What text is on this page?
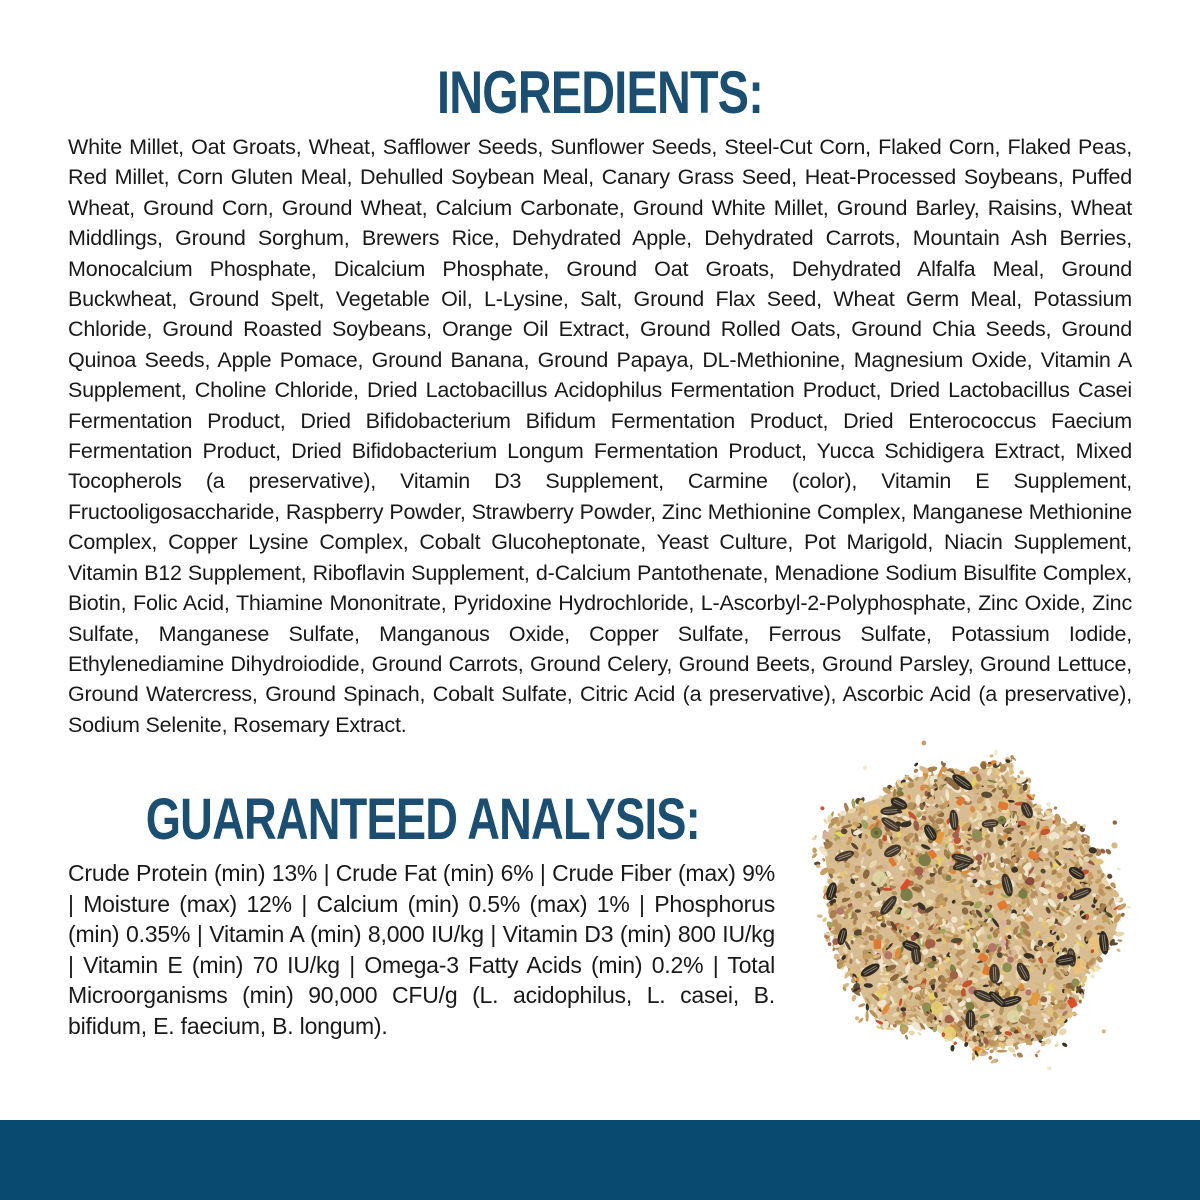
INGREDIENTS:

White Millet, Oat Groats, Wheat, Safflower Seeds, Sunflower Seeds, Steel-Cut Corn, Flaked Corn, Flaked Peas, Red Millet, Corn Gluten Meal, Dehulled Soybean Meal, Canary Grass Seed, Heat-Processed Soybeans, Puffed Wheat, Ground Corn, Ground Wheat, Calcium Carbonate, Ground White Millet, Ground Barley, Raisins, Wheat Middlings, Ground Sorghum, Brewers Rice, Dehydrated Apple, Dehydrated Carrots, Mountain Ash Berries, Monocalcium Phosphate, Dicalcium Phosphate, Ground Oat Groats, Dehydrated Alfalfa Meal, Ground Buckwheat, Ground Spelt, Vegetable Oil, L-Lysine, Salt, Ground Flax Seed, Wheat Germ Meal, Potassium Chloride, Ground Roasted Soybeans, Orange Oil Extract, Ground Rolled Oats, Ground Chia Seeds, Ground Quinoa Seeds, Apple Pomace, Ground Banana, Ground Papaya, DL-Methionine, Magnesium Oxide, Vitamin A Supplement, Choline Chloride, Dried Lactobacillus Acidophilus Fermentation Product, Dried Lactobacillus Casei Fermentation Product, Dried Bifidobacterium Bifidum Fermentation Product, Dried Enterococcus Faecium Fermentation Product, Dried Bifidobacterium Longum Fermentation Product, Yucca Schidigera Extract, Mixed Tocopherols (a preservative), Vitamin D3 Supplement, Carmine (color), Vitamin E Supplement, Fructooligosaccharide, Raspberry Powder, Strawberry Powder, Zinc Methionine Complex, Manganese Methionine Complex, Copper Lysine Complex, Cobalt Glucoheptonate, Yeast Culture, Pot Marigold, Niacin Supplement, Vitamin B12 Supplement, Riboflavin Supplement, d-Calcium Pantothenate, Menadione Sodium Bisulfite Complex, Biotin, Folic Acid, Thiamine Mononitrate, Pyridoxine Hydrochloride, L-Ascorbyl-2-Polyphosphate, Zinc Oxide, Zinc Sulfate, Manganese Sulfate, Manganous Oxide, Copper Sulfate, Ferrous Sulfate, Potassium Iodide, Ethylenediamine Dihydroiodide, Ground Carrots, Ground Celery, Ground Beets, Ground Parsley, Ground Lettuce, Ground Watercress, Ground Spinach, Cobalt Sulfate, Citric Acid (a preservative), Ascorbic Acid (a preservative), Sodium Selenite, Rosemary Extract.

GUARANTEED ANALYSIS:

Crude Protein (min) 13% | Crude Fat (min) 6% | Crude Fiber (max) 9% | Moisture (max) 12% | Calcium (min) 0.5% (max) 1% | Phosphorus (min) 0.35% | Vitamin A (min) 8,000 IU/kg | Vitamin D3 (min) 800 IU/kg | Vitamin E (min) 70 IU/kg | Omega-3 Fatty Acids (min) 0.2% | Total Microorganisms (min) 90,000 CFU/g (L. acidophilus, L. casei, B. bifidum, E. faecium, B. longum).
